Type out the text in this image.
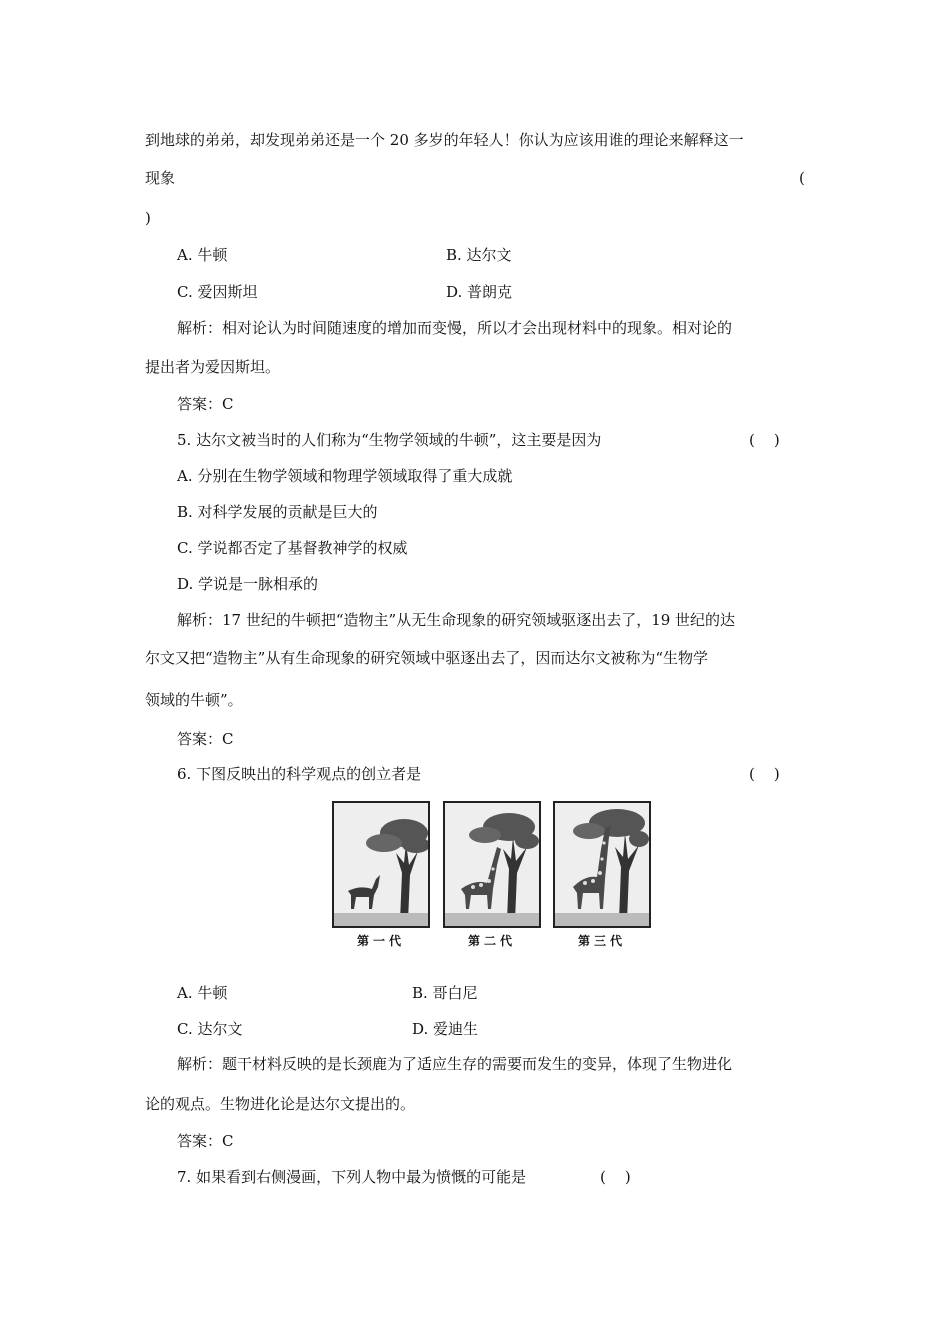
到地球的弟弟，却发现弟弟还是一个 20 多岁的年轻人！你认为应该用谁的理论来解释这一
现象	(
)
A. 牛顿	B. 达尔文
C. 爱因斯坦	D. 普朗克
解析：相对论认为时间随速度的增加而变慢，所以才会出现材料中的现象。相对论的
提出者为爱因斯坦。
答案：C
5. 达尔文被当时的人们称为“生物学领域的牛顿”，这主要是因为	(    )
A. 分别在生物学领域和物理学领域取得了重大成就
B. 对科学发展的贡献是巨大的
C. 学说都否定了基督教神学的权威
D. 学说是一脉相承的
解析：17 世纪的牛顿把“造物主”从无生命现象的研究领域驱逐出去了，19 世纪的达
尔文又把“造物主”从有生命现象的研究领域中驱逐出去了，因而达尔文被称为“生物学
领域的牛顿”。
答案：C
6. 下图反映出的科学观点的创立者是	(    )
第一代	第二代	第三代
A. 牛顿	B. 哥白尼
C. 达尔文	D. 爱迪生
解析：题干材料反映的是长颈鹿为了适应生存的需要而发生的变异，体现了生物进化
论的观点。生物进化论是达尔文提出的。
答案：C
7. 如果看到右侧漫画，下列人物中最为愤慨的可能是	(    )
